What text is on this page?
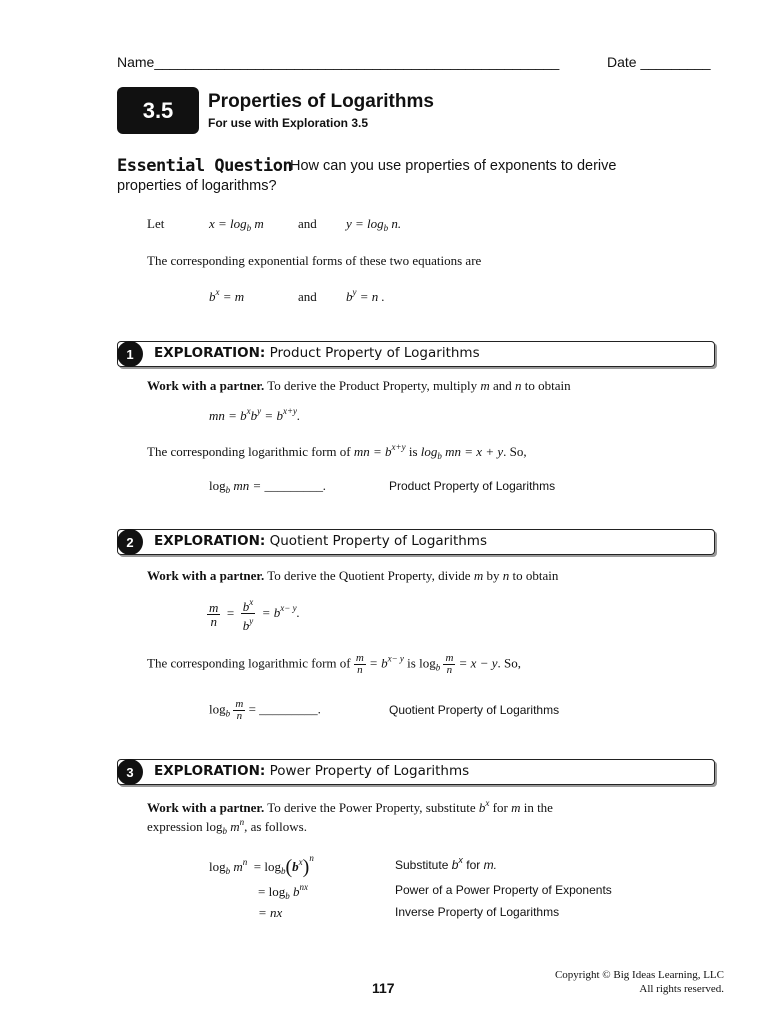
Name____________________________________________________	Date _________
3.5	Properties of Logarithms
For use with Exploration 3.5
Essential Question
How can you use properties of exponents to derive
properties of logarithms?
Let	$x = \log_b m$	and $y = \log_b n$.
The corresponding exponential forms of these two equations are
$b^x = m$	and $b^y = n$ .
1	EXPLORATION: Product Property of Logarithms
Work with a partner. To derive the Product Property, multiply m and n to obtain
mn = $b^xb^y = b^{x+y}$.
The corresponding logarithmic form of mn = $b^{x+y}$ is $\log_b$ mn = x + y. So,
$\log_b$ mn = _________.	Product Property of Logarithms
2	EXPLORATION: Quotient Property of Logarithms
Work with a partner. To derive the Quotient Property, divide m by n to obtain
$\frac{m}{n} = \frac{b^x}{b^y} = b^{x- y}$.
The corresponding logarithmic form of $\frac{m}{n} = b^{x- y}$ is $\log_b \frac{m}{n} = x - y$. So,
$\log_b \frac{m}{n}$ = _________.	Quotient Property of Logarithms
3	EXPLORATION: Power Property of Logarithms
Work with a partner. To derive the Power Property, substitute $b^x$ for m in the
expression $\log_b m^n$, as follows.
$\log_b m^n = \log_b(b^x)^n$	Substitute $b^x$ for m.
= $\log_b b^{nx}$	Power of a Power Property of Exponents
= nx	Inverse Property of Logarithms
117
Copyright © Big Ideas Learning, LLC
All rights reserved.
